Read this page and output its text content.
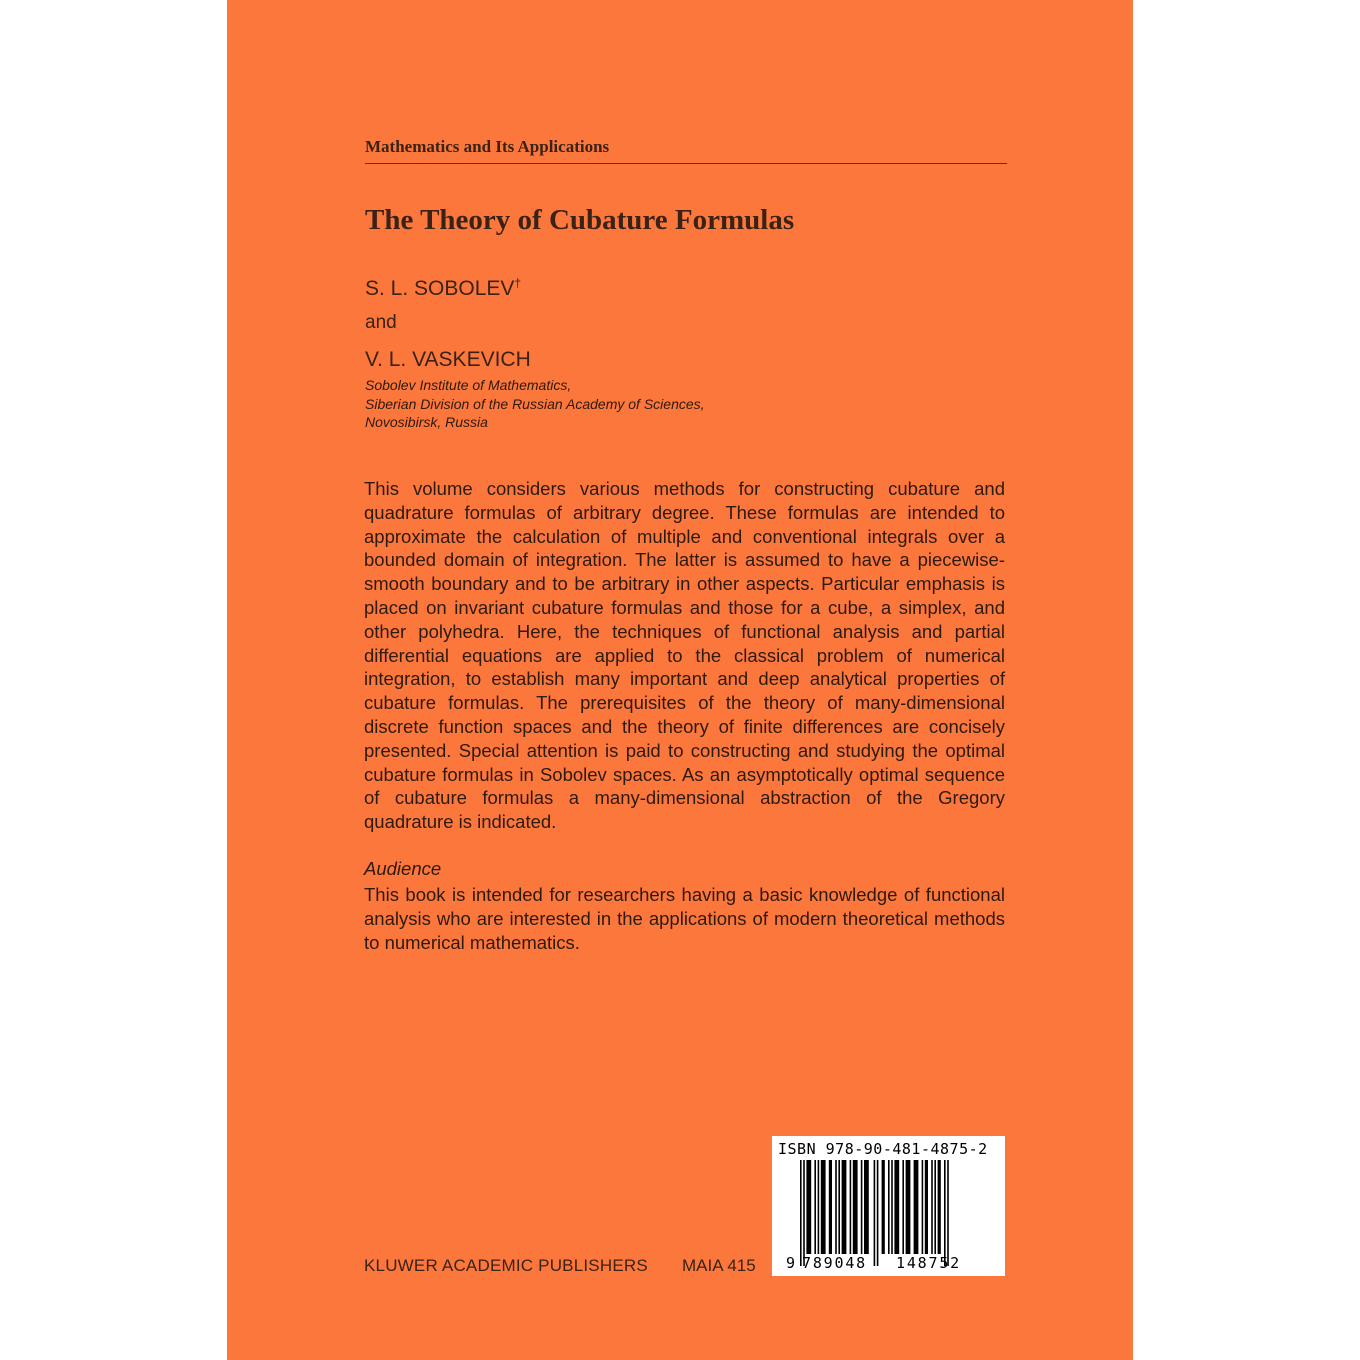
Mathematics and Its Applications
The Theory of Cubature Formulas
S. L. SOBOLEV†
and
V. L. VASKEVICH
Sobolev Institute of Mathematics,
Siberian Division of the Russian Academy of Sciences,
Novosibirsk, Russia
This volume considers various methods for constructing cubature and quadrature formulas of arbitrary degree. These formulas are intended to approximate the calculation of multiple and conventional integrals over a bounded domain of integration. The latter is assumed to have a piecewise-smooth boundary and to be arbitrary in other aspects. Particular emphasis is placed on invariant cubature formulas and those for a cube, a simplex, and other polyhedra. Here, the techniques of functional analysis and partial differential equations are applied to the classical problem of numerical integration, to establish many important and deep analytical properties of cubature formulas. The prerequisites of the theory of many-dimensional discrete function spaces and the theory of finite differences are concisely presented. Special attention is paid to constructing and studying the optimal cubature formulas in Sobolev spaces. As an asymptotically optimal sequence of cubature formulas a many-dimensional abstraction of the Gregory quadrature is indicated.
Audience
This book is intended for researchers having a basic knowledge of functional analysis who are interested in the applications of modern theoretical methods to numerical mathematics.
KLUWER ACADEMIC PUBLISHERS MAIA 415
ISBN 978-90-481-4875-2
9 789048 148752
